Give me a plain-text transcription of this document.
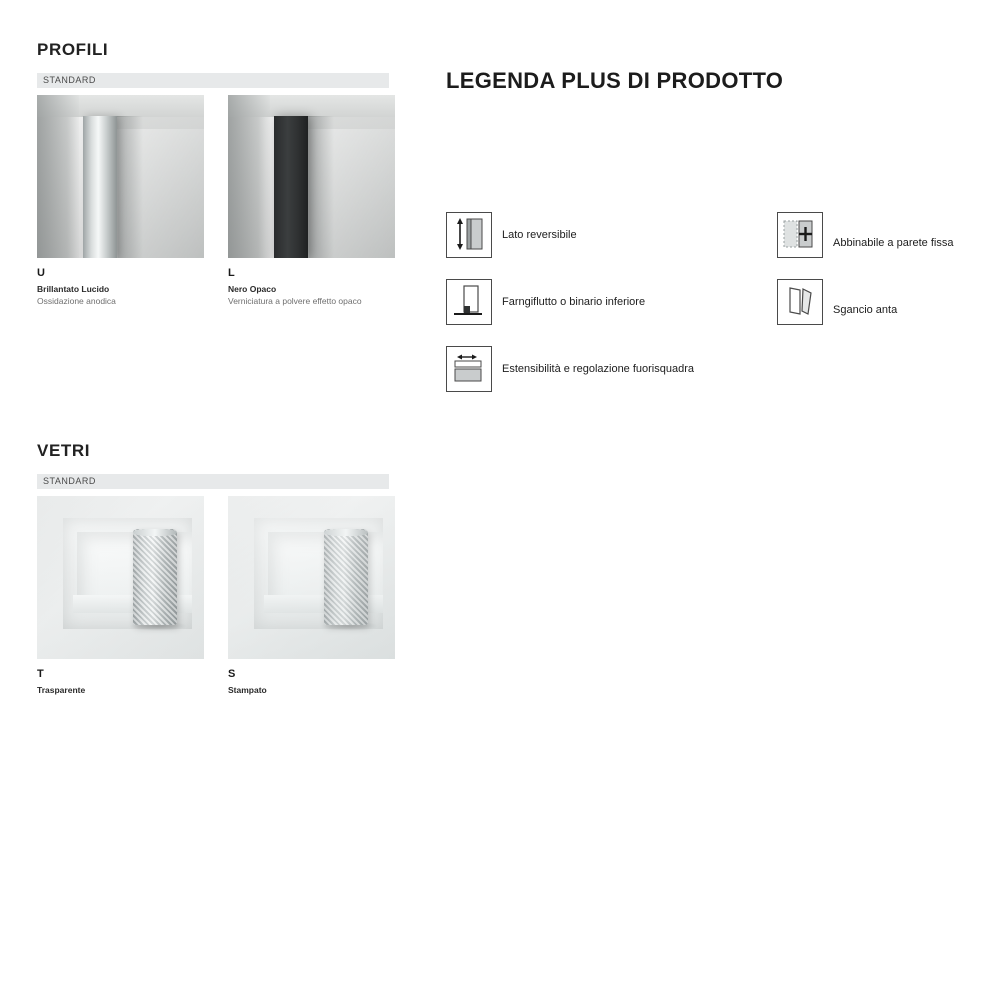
PROFILI
STANDARD
U
Brillantato Lucido
Ossidazione anodica
L
Nero Opaco
Verniciatura a polvere effetto opaco
VETRI
STANDARD
T
Trasparente
S
Stampato
LEGENDA PLUS DI PRODOTTO
Lato reversibile
Farngiflutto o binario inferiore
Estensibilità e regolazione fuorisquadra
Abbinabile a parete fissa
Sgancio anta
